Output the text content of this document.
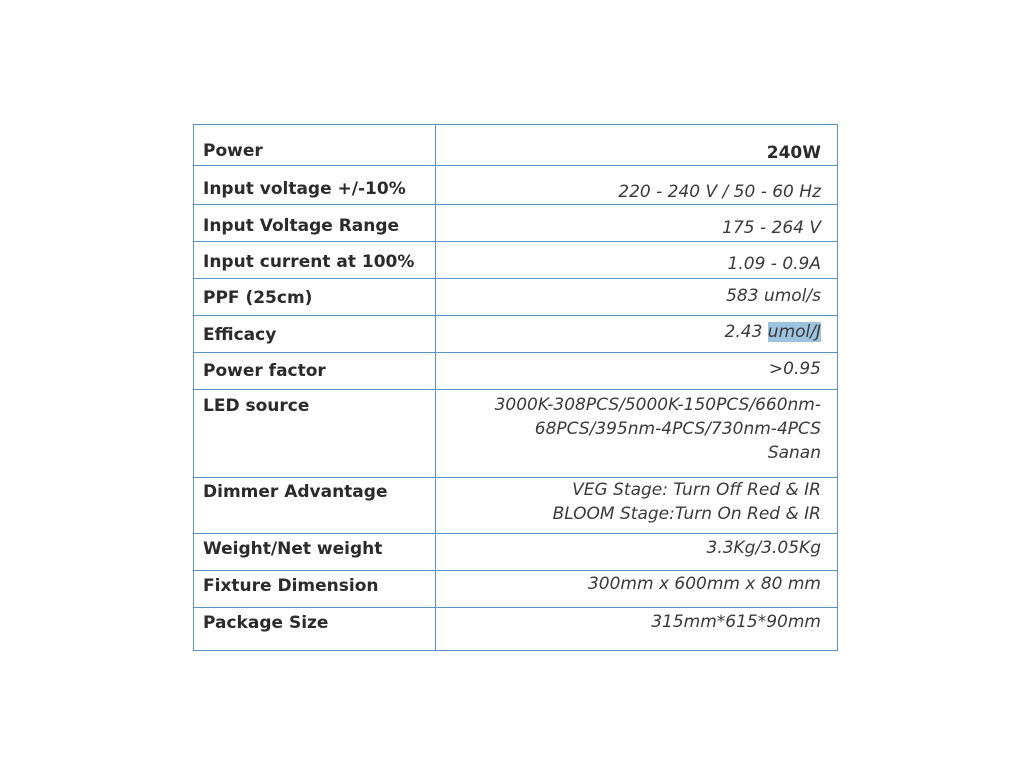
Power	240W

Input voltage +/-10%	220 - 240 V / 50 - 60 Hz

Input Voltage Range	175 - 264 V

Input current at 100%	1.09 - 0.9A

PPF (25cm)	583 umol/s

Efficacy	2.43 umol/J

Power factor	>0.95

LED source	3000K-308PCS/5000K-150PCS/660nm-
68PCS/395nm-4PCS/730nm-4PCS
Sanan

Dimmer Advantage	VEG Stage: Turn Off Red & IR
BLOOM Stage:Turn On Red & IR

Weight/Net weight	3.3Kg/3.05Kg

Fixture Dimension	300mm x 600mm x 80 mm

Package Size	315mm*615*90mm
